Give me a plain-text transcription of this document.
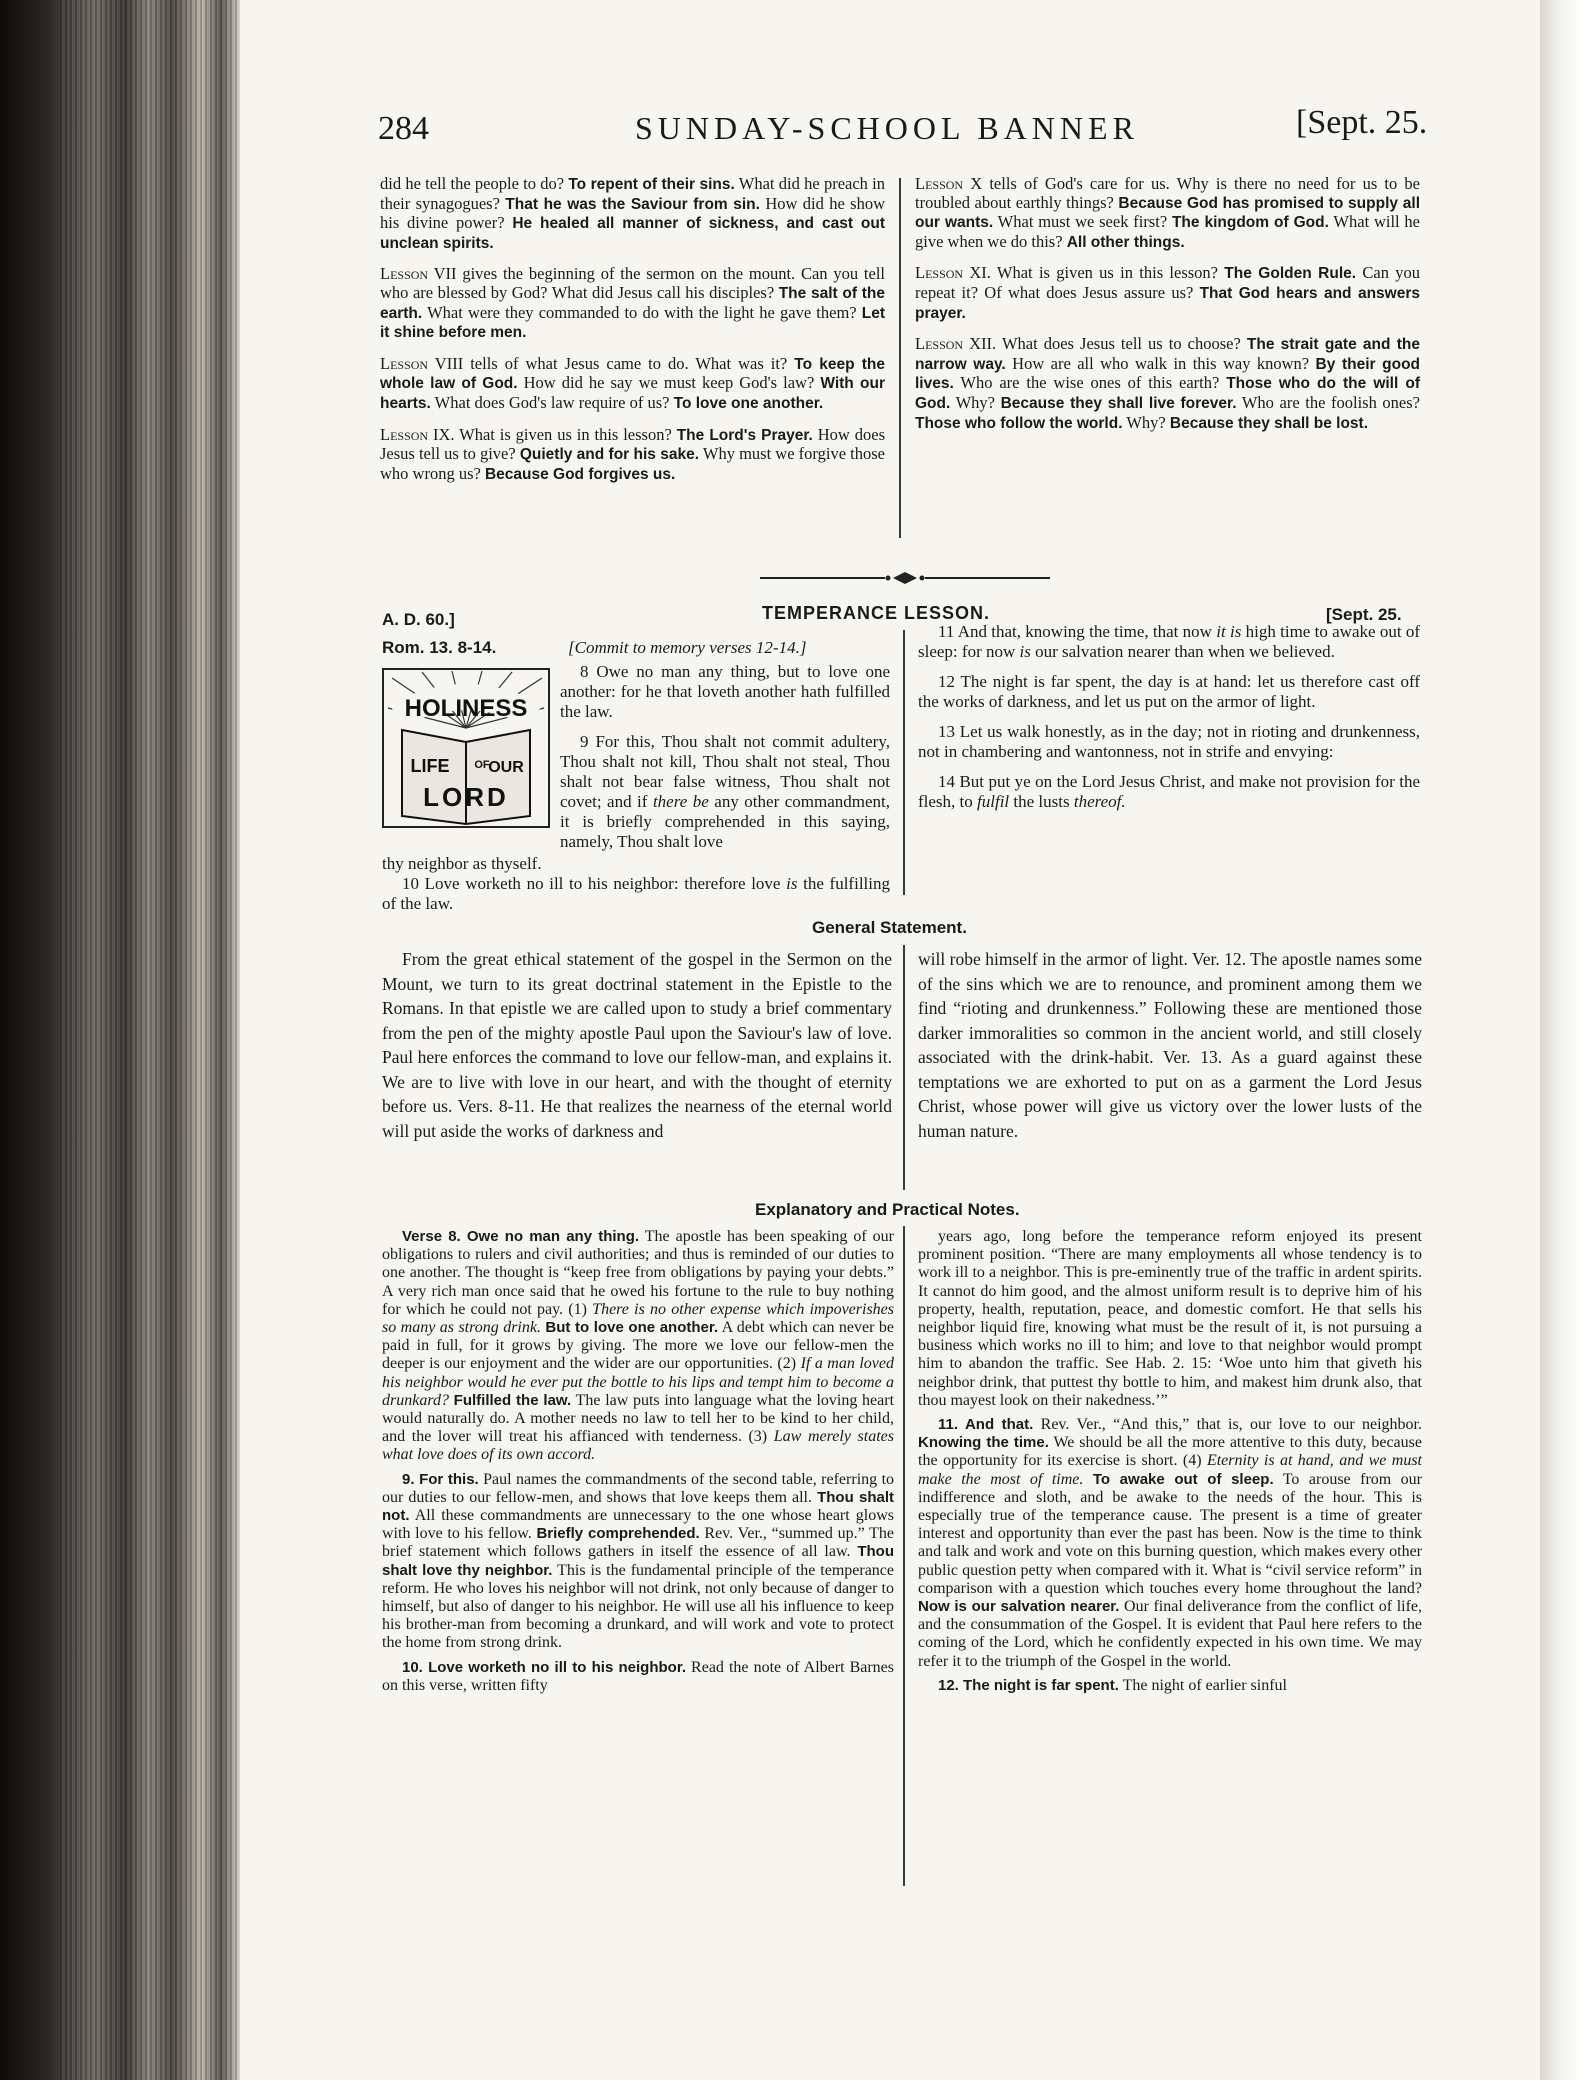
284	SUNDAY-SCHOOL BANNER	[Sept. 25.

did he tell the people to do? To repent of their sins. What did he preach in their synagogues? That he was the Saviour from sin. How did he show his divine power? He healed all manner of sickness, and cast out unclean spirits.

Lesson VII gives the beginning of the sermon on the mount. Can you tell who are blessed by God? What did Jesus call his disciples? The salt of the earth. What were they commanded to do with the light he gave them? Let it shine before men.

Lesson VIII tells of what Jesus came to do. What was it? To keep the whole law of God. How did he say we must keep God's law? With our hearts. What does God's law require of us? To love one another.

Lesson IX. What is given us in this lesson? The Lord's Prayer. How does Jesus tell us to give? Quietly and for his sake. Why must we forgive those who wrong us? Because God forgives us.

Lesson X tells of God's care for us. Why is there no need for us to be troubled about earthly things? Because God has promised to supply all our wants. What must we seek first? The kingdom of God. What will he give when we do this? All other things.

Lesson XI. What is given us in this lesson? The Golden Rule. Can you repeat it? Of what does Jesus assure us? That God hears and answers prayer.

Lesson XII. What does Jesus tell us to choose? The strait gate and the narrow way. How are all who walk in this way known? By their good lives. Who are the wise ones of this earth? Those who do the will of God. Why? Because they shall live forever. Who are the foolish ones? Those who follow the world. Why? Because they shall be lost.

A. D. 60.]
Rom. 13. 8-14.
TEMPERANCE LESSON.	[Sept. 25.
[Commit to memory verses 12-14.]
HOLINESS
LIFE OF
OUR
LORD

8 Owe no man any thing, but to love one another: for he that loveth another hath fulfilled the law.

9 For this, Thou shalt not commit adultery, Thou shalt not kill, Thou shalt not steal, Thou shalt not bear false witness, Thou shalt not covet; and if there be any other commandment, it is briefly comprehended in this saying, namely, Thou shalt love

thy neighbor as thyself.

10 Love worketh no ill to his neighbor: therefore love is the fulfilling of the law.

11 And that, knowing the time, that now it is high time to awake out of sleep: for now is our salvation nearer than when we believed.

12 The night is far spent, the day is at hand: let us therefore cast off the works of darkness, and let us put on the armor of light.

13 Let us walk honestly, as in the day; not in rioting and drunkenness, not in chambering and wantonness, not in strife and envying:

14 But put ye on the Lord Jesus Christ, and make not provision for the flesh, to fulfil the lusts thereof.

General Statement.
From the great ethical statement of the gospel in the Sermon on the Mount, we turn to its great doctrinal statement in the Epistle to the Romans. In that epistle we are called upon to study a brief commentary from the pen of the mighty apostle Paul upon the Saviour's law of love. Paul here enforces the command to love our fellow-man, and explains it. We are to live with love in our heart, and with the thought of eternity before us. Vers. 8-11. He that realizes the nearness of the eternal world will put aside the works of darkness and
will robe himself in the armor of light. Ver. 12. The apostle names some of the sins which we are to renounce, and prominent among them we find “rioting and drunkenness.” Following these are mentioned those darker immoralities so common in the ancient world, and still closely associated with the drink-habit. Ver. 13. As a guard against these temptations we are exhorted to put on as a garment the Lord Jesus Christ, whose power will give us victory over the lower lusts of the human nature.
Explanatory and Practical Notes.

Verse 8. Owe no man any thing. The apostle has been speaking of our obligations to rulers and civil authorities; and thus is reminded of our duties to one another. The thought is “keep free from obligations by paying your debts.” A very rich man once said that he owed his fortune to the rule to buy nothing for which he could not pay. (1) There is no other expense which impoverishes so many as strong drink. But to love one another. A debt which can never be paid in full, for it grows by giving. The more we love our fellow-men the deeper is our enjoyment and the wider are our opportunities. (2) If a man loved his neighbor would he ever put the bottle to his lips and tempt him to become a drunkard? Fulfilled the law. The law puts into language what the loving heart would naturally do. A mother needs no law to tell her to be kind to her child, and the lover will treat his affianced with tenderness. (3) Law merely states what love does of its own accord.

9. For this. Paul names the commandments of the second table, referring to our duties to our fellow-men, and shows that love keeps them all. Thou shalt not. All these commandments are unnecessary to the one whose heart glows with love to his fellow. Briefly comprehended. Rev. Ver., “summed up.” The brief statement which follows gathers in itself the essence of all law. Thou shalt love thy neighbor. This is the fundamental principle of the temperance reform. He who loves his neighbor will not drink, not only because of danger to himself, but also of danger to his neighbor. He will use all his influence to keep his brother-man from becoming a drunkard, and will work and vote to protect the home from strong drink.

10. Love worketh no ill to his neighbor. Read the note of Albert Barnes on this verse, written fifty

years ago, long before the temperance reform enjoyed its present prominent position. “There are many employments all whose tendency is to work ill to a neighbor. This is pre-eminently true of the traffic in ardent spirits. It cannot do him good, and the almost uniform result is to deprive him of his property, health, reputation, peace, and domestic comfort. He that sells his neighbor liquid fire, knowing what must be the result of it, is not pursuing a business which works no ill to him; and love to that neighbor would prompt him to abandon the traffic. See Hab. 2. 15: ‘Woe unto him that giveth his neighbor drink, that puttest thy bottle to him, and makest him drunk also, that thou mayest look on their nakedness.’”

11. And that. Rev. Ver., “And this,” that is, our love to our neighbor. Knowing the time. We should be all the more attentive to this duty, because the opportunity for its exercise is short. (4) Eternity is at hand, and we must make the most of time. To awake out of sleep. To arouse from our indifference and sloth, and be awake to the needs of the hour. This is especially true of the temperance cause. The present is a time of greater interest and opportunity than ever the past has been. Now is the time to think and talk and work and vote on this burning question, which makes every other public question petty when compared with it. What is “civil service reform” in comparison with a question which touches every home throughout the land? Now is our salvation nearer. Our final deliverance from the conflict of life, and the consummation of the Gospel. It is evident that Paul here refers to the coming of the Lord, which he confidently expected in his own time. We may refer it to the triumph of the Gospel in the world.

12. The night is far spent. The night of earlier sinful
